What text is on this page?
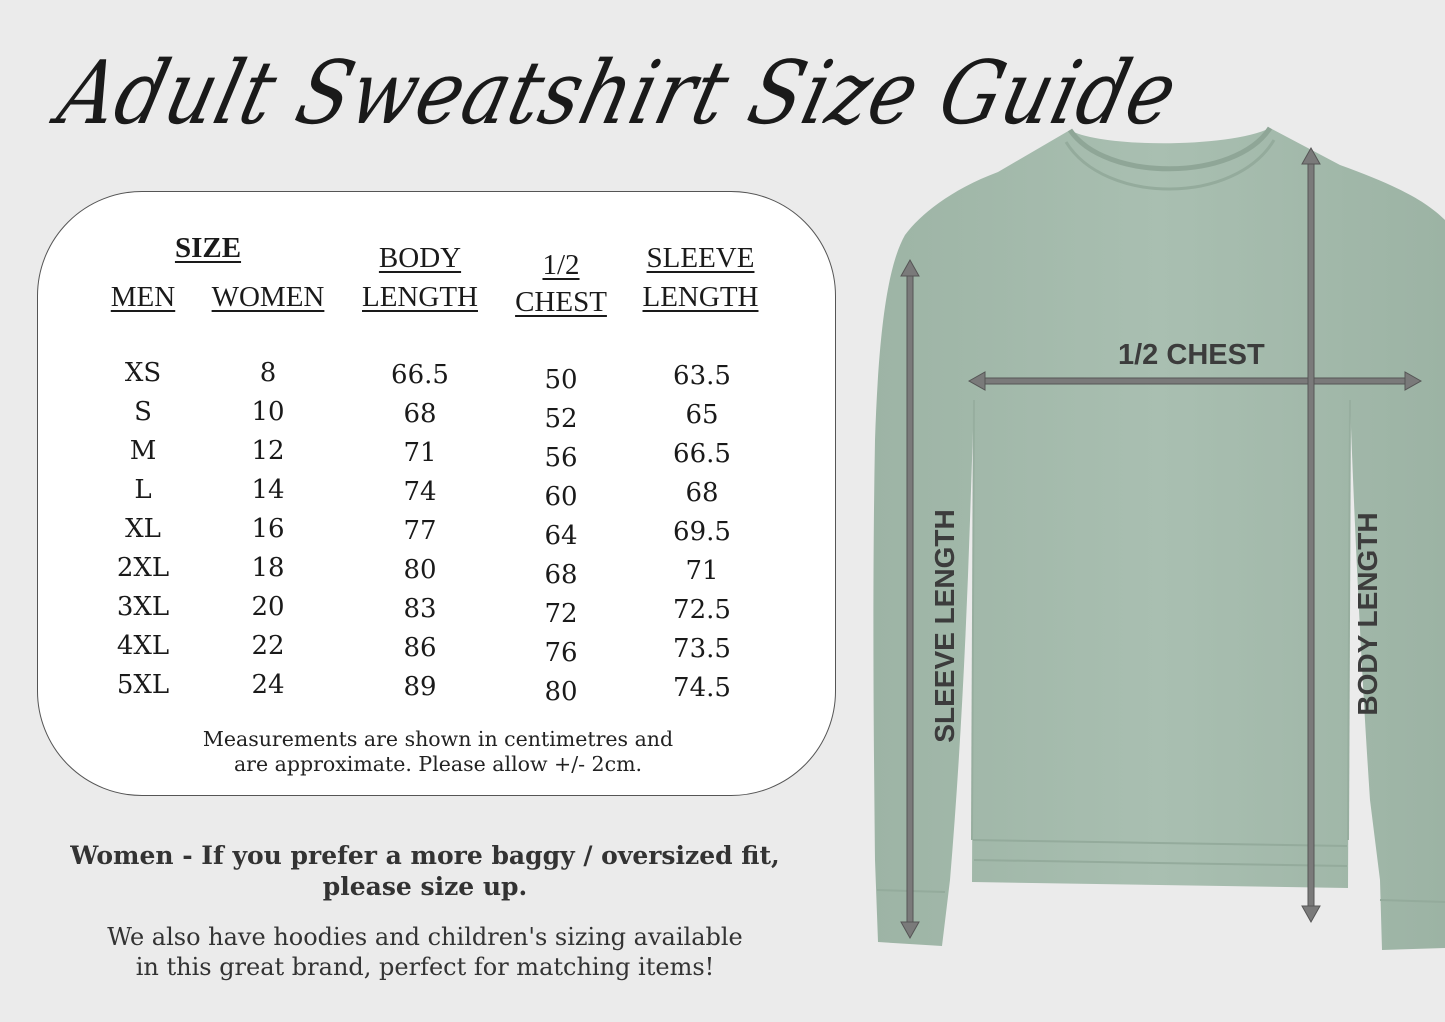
Adult Sweatshirt Size Guide
SIZE
MEN	WOMEN
BODY
LENGTH
1/2
CHEST
SLEEVE
LENGTH
XS
S
M
L
XL
2XL
3XL
4XL
5XL
8
10
12
14
16
18
20
22
24
66.5
68
71
74
77
80
83
86
89
50
52
56
60
64
68
72
76
80
63.5
65
66.5
68
69.5
71
72.5
73.5
74.5
Measurements are shown in centimetres and
are approximate. Please allow +/- 2cm.
Women - If you prefer a more baggy / oversized fit,
please size up.
We also have hoodies and children's sizing available
in this great brand, perfect for matching items!
1/2 CHEST
SLEEVE LENGTH	BODY LENGTH
